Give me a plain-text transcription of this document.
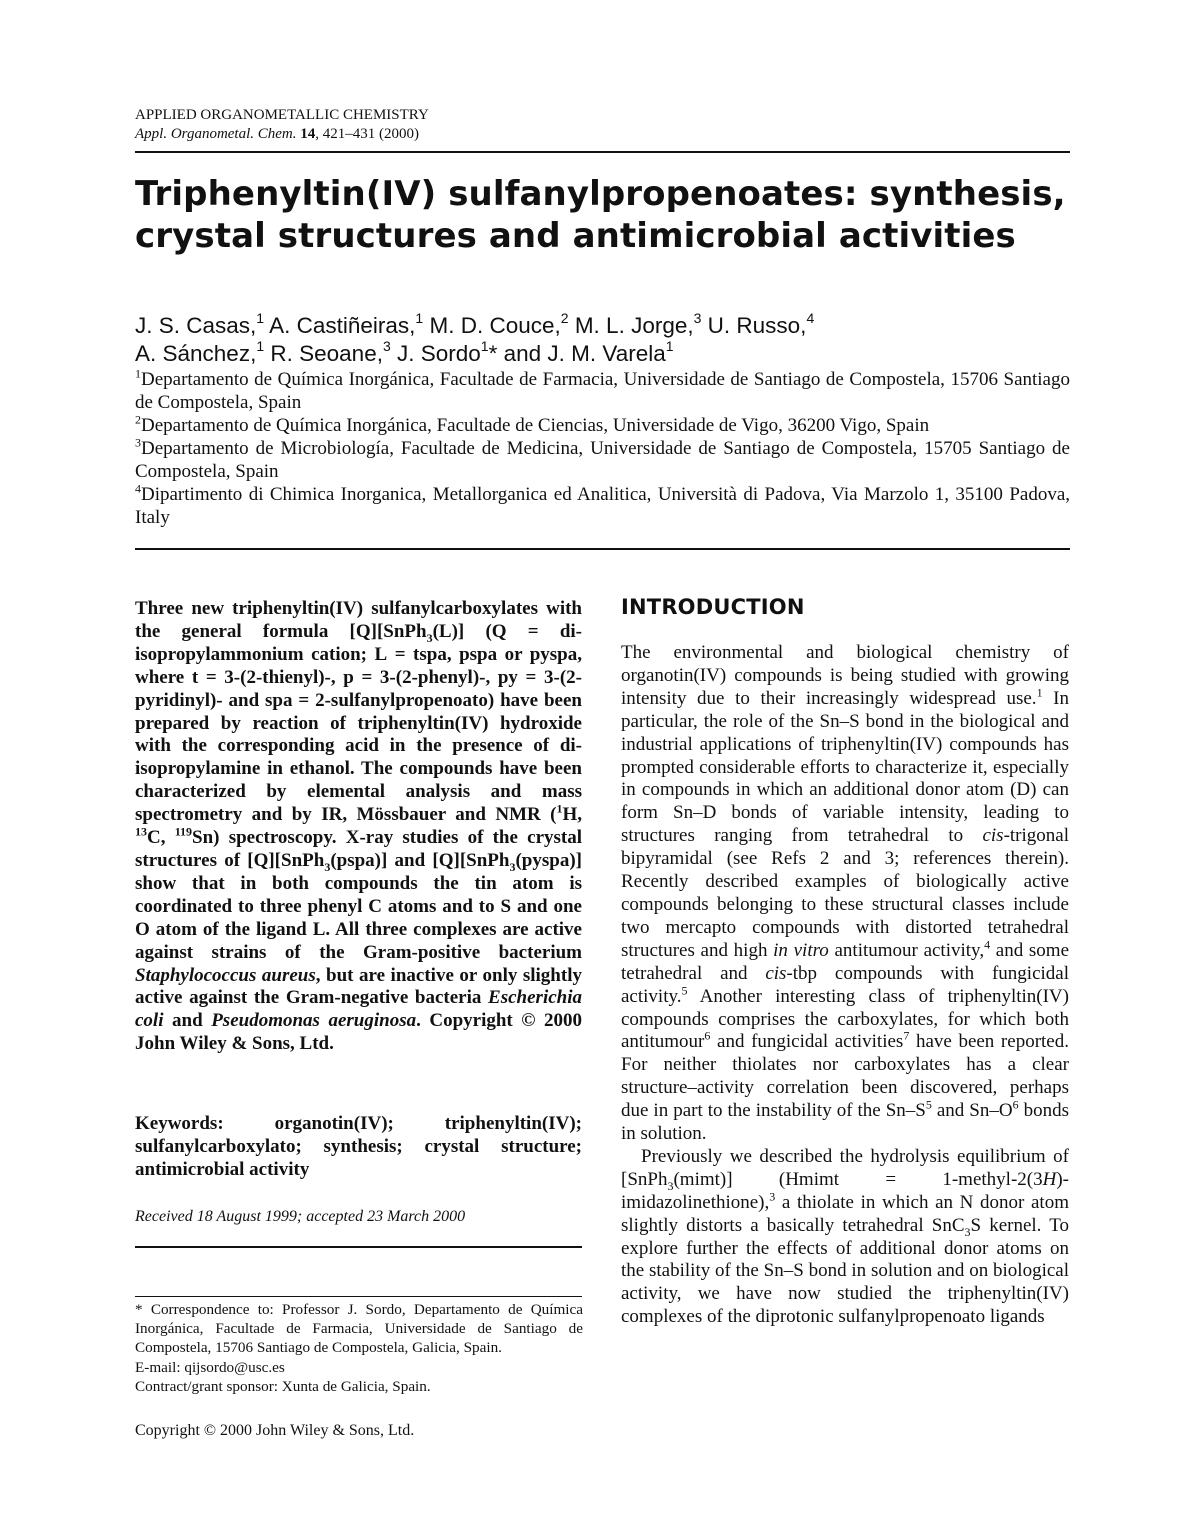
APPLIED ORGANOMETALLIC CHEMISTRY
Appl. Organometal. Chem. 14, 421–431 (2000)
Triphenyltin(IV) sulfanylpropenoates: synthesis, crystal structures and antimicrobial activities
J. S. Casas,$^1$ A. Castiñeiras,$^1$ M. D. Couce,$^2$ M. L. Jorge,$^3$ U. Russo,$^4$
A. Sánchez,$^1$ R. Seoane,$^3$ J. Sordo$^1$* and J. M. Varela$^1$

$^1$Departamento de Química Inorgánica, Facultade de Farmacia, Universidade de Santiago de Compostela, 15706 Santiago de Compostela, Spain

$^2$Departamento de Química Inorgánica, Facultade de Ciencias, Universidade de Vigo, 36200 Vigo, Spain

$^3$Departamento de Microbiología, Facultade de Medicina, Universidade de Santiago de Compostela, 15705 Santiago de Compostela, Spain

$^4$Dipartimento di Chimica Inorganica, Metallorganica ed Analitica, Università di Padova, Via Marzolo 1, 35100 Padova, Italy

Three new triphenyltin(IV) sulfanylcarboxylates with the general formula [Q][SnPh$_3$(L)] (Q = di-isopropylammonium cation; L = tspa, pspa or pyspa, where t = 3-(2-thienyl)-, p = 3-(2-phenyl)-, py = 3-(2-pyridinyl)- and spa = 2-sulfanylpropenoato) have been prepared by reaction of triphenyltin(IV) hydroxide with the corresponding acid in the presence of di-isopropylamine in ethanol. The compounds have been characterized by elemental analysis and mass spectrometry and by IR, Mössbauer and NMR ($^1$H, $^{13}$C, $^{119}$Sn) spectroscopy. X-ray studies of the crystal structures of [Q][SnPh$_3$(pspa)] and [Q][SnPh$_3$(pyspa)] show that in both compounds the tin atom is coordinated to three phenyl C atoms and to S and one O atom of the ligand L. All three complexes are active against strains of the Gram-positive bacterium Staphylococcus aureus, but are inactive or only slightly active against the Gram-negative bacteria Escherichia coli and Pseudomonas aeruginosa. Copyright © 2000 John Wiley & Sons, Ltd.

Keywords: organotin(IV); triphenyltin(IV); sulfanylcarboxylato; synthesis; crystal structure; antimicrobial activity

Received 18 August 1999; accepted 23 March 2000

* Correspondence to: Professor J. Sordo, Departamento de Química Inorgánica, Facultade de Farmacia, Universidade de Santiago de Compostela, 15706 Santiago de Compostela, Galicia, Spain.
E-mail: qijsordo@usc.es
Contract/grant sponsor: Xunta de Galicia, Spain.

Copyright © 2000 John Wiley & Sons, Ltd.
INTRODUCTION

The environmental and biological chemistry of organotin(IV) compounds is being studied with growing intensity due to their increasingly widespread use.$^1$ In particular, the role of the Sn–S bond in the biological and industrial applications of triphenyltin(IV) compounds has prompted considerable efforts to characterize it, especially in compounds in which an additional donor atom (D) can form Sn–D bonds of variable intensity, leading to structures ranging from tetrahedral to cis-trigonal bipyramidal (see Refs 2 and 3; references therein). Recently described examples of biologically active compounds belonging to these structural classes include two mercapto compounds with distorted tetrahedral structures and high in vitro antitumour activity,$^4$ and some tetrahedral and cis-tbp compounds with fungicidal activity.$^5$ Another interesting class of triphenyltin(IV) compounds comprises the carboxylates, for which both antitumour$^6$ and fungicidal activities$^7$ have been reported. For neither thiolates nor carboxylates has a clear structure–activity correlation been discovered, perhaps due in part to the instability of the $Sn-S^5$ and $Sn-O^6$ bonds in solution.

Previously we described the hydrolysis equilibrium of [SnPh$_3$(mimt)] (Hmimt = 1-methyl-2(3H)-imidazolinethione),$^3$ a thiolate in which an N donor atom slightly distorts a basically tetrahedral SnC$_3$S kernel. To explore further the effects of additional donor atoms on the stability of the Sn–S bond in solution and on biological activity, we have now studied the triphenyltin(IV) complexes of the diprotonic sulfanylpropenoato ligands
